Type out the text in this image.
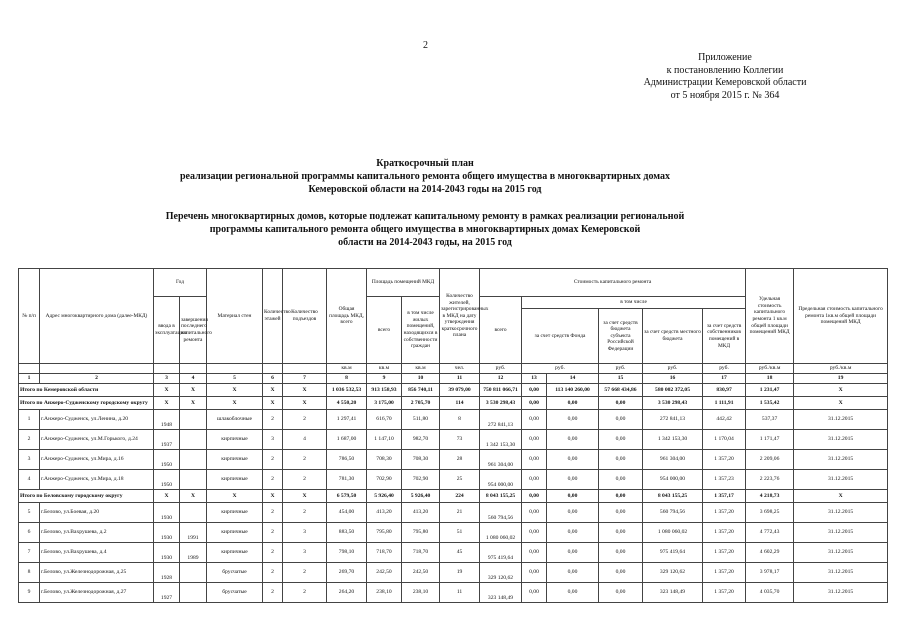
2
Приложение
к постановлению Коллегии
Администрации Кемеровской области
от 5 ноября 2015 г. № 364
Краткосрочный план
реализации региональной программы капитального ремонта общего имущества в многоквартирных домах
Кемеровской области на 2014-2043 годы на 2015 год
Перечень многоквартирных домов, которые подлежат капитальному ремонту в рамках реализации региональной
программы капитального ремонта общего имущества в многоквартирных домах Кемеровской
области на 2014-2043 годы, на 2015 год
№ п/п	Адрес многоквартирного дома (далее-МКД)	Год		Материал стен	Количество этажей	Количество подъездов	Общая площадь МКД, всего	Площадь помещений МКД		Количество жителей, зарегистрированных в МКД на дату утверждения краткосрочного плана	Стоимость капитального ремонта						Удельная стоимость капитального ремонта 1 кв.м общей площади помещений МКД	Предельная стоимость капитального ремонта 1кв.м общей площади помещений МКД	
		ввода в эксплуатацию	завершения последнего капитального ремонта					всего	в том числе жилых помещений, находящихся в собственности граждан		всего	в том числе							
												за счет средств Фонда		за счет средств бюджета субъекта Российской Федерации	за счет средств местного бюджета	за счет средств собственников помещений в МКД			
							кв.м	кв.м	кв.м	чел.	руб.	руб.		руб.	руб.	руб.	руб./кв.м	руб./кв.м	
1	2	3	4	5	6	7	8	9	10	11	12	13	14	15	16	17	18	19	
Итого по Кемеровской области		X	X	X	X	X	1 036 532,53	913 158,93	856 740,11	39 079,00	750 811 066,71	0,00	113 140 260,00	57 668 434,86	580 002 372,05	830,97	1 231,47	X	
Итого по Анжеро-Судженскому городскому округу		X	X	X	X	X	4 550,20	3 175,00	2 705,70	114	3 530 298,43	0,00	0,00	0,00	3 530 298,43	1 111,91	1 535,42	X	
1	г.Анжеро-Судженск, ул.Ленина, д.20	1948		шлакоблочные	2	2	1 297,41	616,70	511,80	8	272 841,13	0,00	0,00	0,00	272 841,13	442,42	537,37	31.12.2015	
2	г.Анжеро-Судженск, ул.М.Горького, д.24	1937		кирпичные	3	4	1 687,00	1 147,10	982,70	73	1 342 153,30	0,00	0,00	0,00	1 342 153,30	1 170,04	1 171,47	31.12.2015	
3	г.Анжеро-Судженск, ул.Мира, д.16	1950		кирпичные	2	2	786,50	708,30	708,30	28	961 304,00	0,00	0,00	0,00	961 304,00	1 357,20	2 209,06	31.12.2015	
4	г.Анжеро-Судженск, ул.Мира, д.18	1950		кирпичные	2	2	781,30	702,90	702,90	25	954 000,00	0,00	0,00	0,00	954 000,00	1 357,23	2 223,76	31.12.2015	
Итого по Беловскому городскому округу		X	X	X	X	X	6 579,50	5 926,40	5 926,40	224	8 043 155,25	0,00	0,00	0,00	8 043 155,25	1 357,17	4 218,73	X	
5	г.Белово, ул.Боевая, д.20	1930		кирпичные	2	2	454,00	413,20	413,20	21	560 794,56	0,00	0,00	0,00	560 794,56	1 357,20	3 698,25	31.12.2015	
6	г.Белово, ул.Вахрушева, д.2	1930	1991	кирпичные	2	3	883,50	795,80	795,80	51	1 080 060,02	0,00	0,00	0,00	1 080 060,02	1 357,20	4 772,43	31.12.2015	
7	г.Белово, ул.Вахрушева, д.4	1930	1989	кирпичные	2	3	798,10	718,70	718,70	45	975 419,64	0,00	0,00	0,00	975 419,64	1 357,20	4 602,29	31.12.2015	
8	г.Белово, ул.Железнодорожная, д.25	1928		брусчатые	2	2	269,70	242,50	242,50	19	329 120,62	0,00	0,00	0,00	329 120,62	1 357,20	3 978,17	31.12.2015	
9	г.Белово, ул.Железнодорожная, д.27	1927		брусчатые	2	2	264,20	238,10	238,10	11	323 148,49	0,00	0,00	0,00	323 148,49	1 357,20	4 035,70	31.12.2015	
